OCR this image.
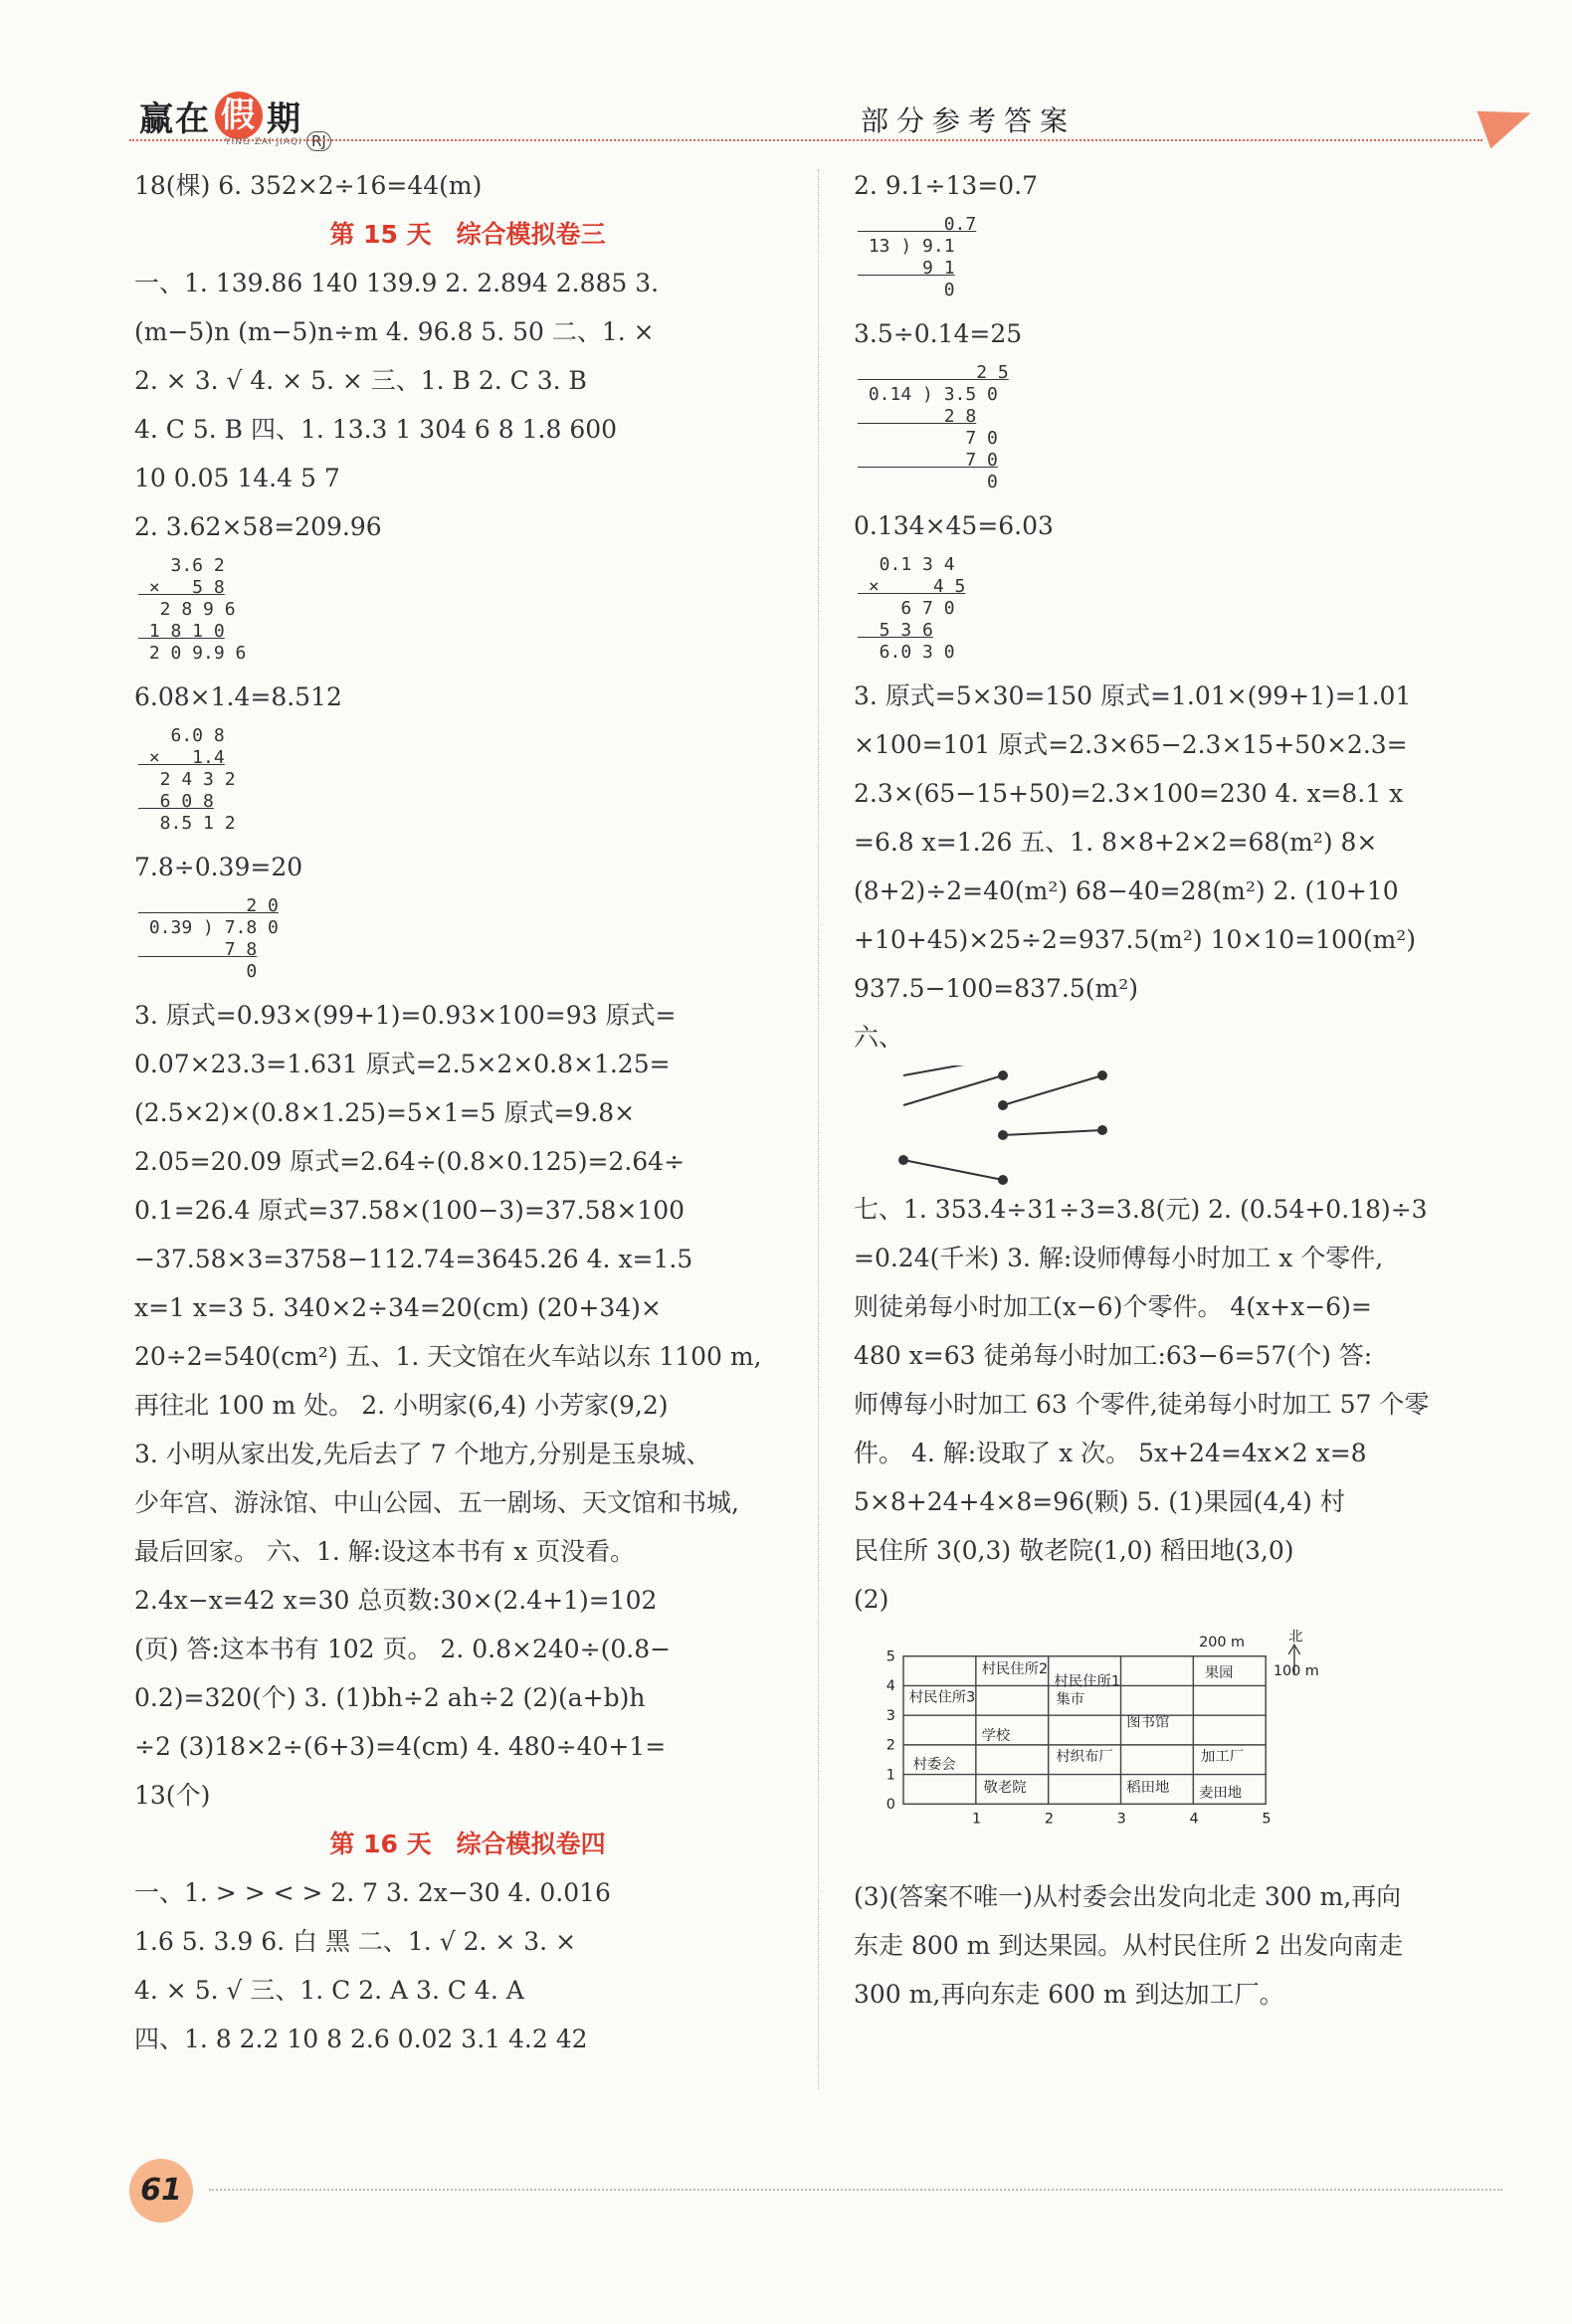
赢在 假 期
YING ZAI JIAQI RJ
部分参考答案
18(棵) 6. 352×2÷16=44(m)
第 15 天　综合模拟卷三
一、1. 139.86 140 139.9 2. 2.894 2.885 3.
(m−5)n (m−5)n÷m 4. 96.8 5. 50 二、1. ×
2. × 3. √ 4. × 5. × 三、1. B 2. C 3. B
4. C 5. B 四、1. 13.3 1 304 6 8 1.8 600
10 0.05 14.4 5 7
2. 3.62×58=209.96
3.6 2
×   5 8
2 8 9 6
1 8 1 0
2 0 9.9 6
6.08×1.4=8.512
6.0 8
×   1.4
2 4 3 2
6 0 8
8.5 1 2
7.8÷0.39=20
2 0
0.39 ) 7.8 0
7 8
0
3. 原式=0.93×(99+1)=0.93×100=93 原式=
0.07×23.3=1.631 原式=2.5×2×0.8×1.25=
(2.5×2)×(0.8×1.25)=5×1=5 原式=9.8×
2.05=20.09 原式=2.64÷(0.8×0.125)=2.64÷
0.1=26.4 原式=37.58×(100−3)=37.58×100
−37.58×3=3758−112.74=3645.26 4. x=1.5
x=1 x=3 5. 340×2÷34=20(cm) (20+34)×
20÷2=540(cm²) 五、1. 天文馆在火车站以东 1100 m,
再往北 100 m 处。 2. 小明家(6,4) 小芳家(9,2)
3. 小明从家出发,先后去了 7 个地方,分别是玉泉城、
少年宫、游泳馆、中山公园、五一剧场、天文馆和书城,
最后回家。 六、1. 解:设这本书有 x 页没看。
2.4x−x=42 x=30 总页数:30×(2.4+1)=102
(页) 答:这本书有 102 页。 2. 0.8×240÷(0.8−
0.2)=320(个) 3. (1)bh÷2 ah÷2 (2)(a+b)h
÷2 (3)18×2÷(6+3)=4(cm) 4. 480÷40+1=
13(个)
第 16 天　综合模拟卷四
一、1. > > < > 2. 7 3. 2x−30 4. 0.016
1.6 5. 3.9 6. 白 黑 二、1. √ 2. × 3. ×
4. × 5. √ 三、1. C 2. A 3. C 4. A
四、1. 8 2.2 10 8 2.6 0.02 3.1 4.2 42
2. 9.1÷13=0.7
0.7
13 ) 9.1
9 1
0
3.5÷0.14=25
2 5
0.14 ) 3.5 0
2 8
7 0
7 0
0
0.134×45=6.03
0.1 3 4
×     4 5
6 7 0
5 3 6
6.0 3 0
3. 原式=5×30=150 原式=1.01×(99+1)=1.01
×100=101 原式=2.3×65−2.3×15+50×2.3=
2.3×(65−15+50)=2.3×100=230 4. x=8.1 x
=6.8 x=1.26 五、1. 8×8+2×2=68(m²) 8×
(8+2)÷2=40(m²) 68−40=28(m²) 2. (10+10
+10+45)×25÷2=937.5(m²) 10×10=100(m²)
937.5−100=837.5(m²)
六、
七、1. 353.4÷31÷3=3.8(元) 2. (0.54+0.18)÷3
=0.24(千米) 3. 解:设师傅每小时加工 x 个零件,
则徒弟每小时加工(x−6)个零件。 4(x+x−6)=
480 x=63 徒弟每小时加工:63−6=57(个) 答:
师傅每小时加工 63 个零件,徒弟每小时加工 57 个零
件。 4. 解:设取了 x 次。 5x+24=4x×2 x=8
5×8+24+4×8=96(颗) 5. (1)果园(4,4) 村
民住所 3(0,3) 敬老院(1,0) 稻田地(3,0)
(2)
北
200 m
100 m
0
1
2
3
4
5
1	2	3	4	5
村民住所2
村民住所1
集市
果园
村民住所3
图书馆
学校
加工厂
村织布厂
村委会
敬老院	稻田地 麦田地
(3)(答案不唯一)从村委会出发向北走 300 m,再向
东走 800 m 到达果园。从村民住所 2 出发向南走
300 m,再向东走 600 m 到达加工厂。
61
